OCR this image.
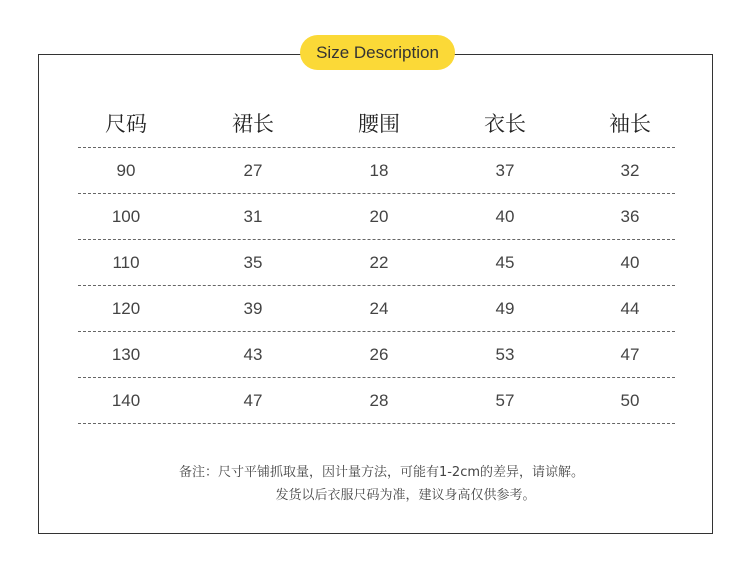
Size Description
尺码	裙长	腰围	衣长	袖长
90	27	18	37	32
100	31	20	40	36
110	35	22	45	40
120	39	24	49	44
130	43	26	53	47
140	47	28	57	50
备注：尺寸平铺抓取量，因计量方法，可能有1-2cm的差异，请谅解。
发货以后衣服尺码为准，建议身高仅供参考。
